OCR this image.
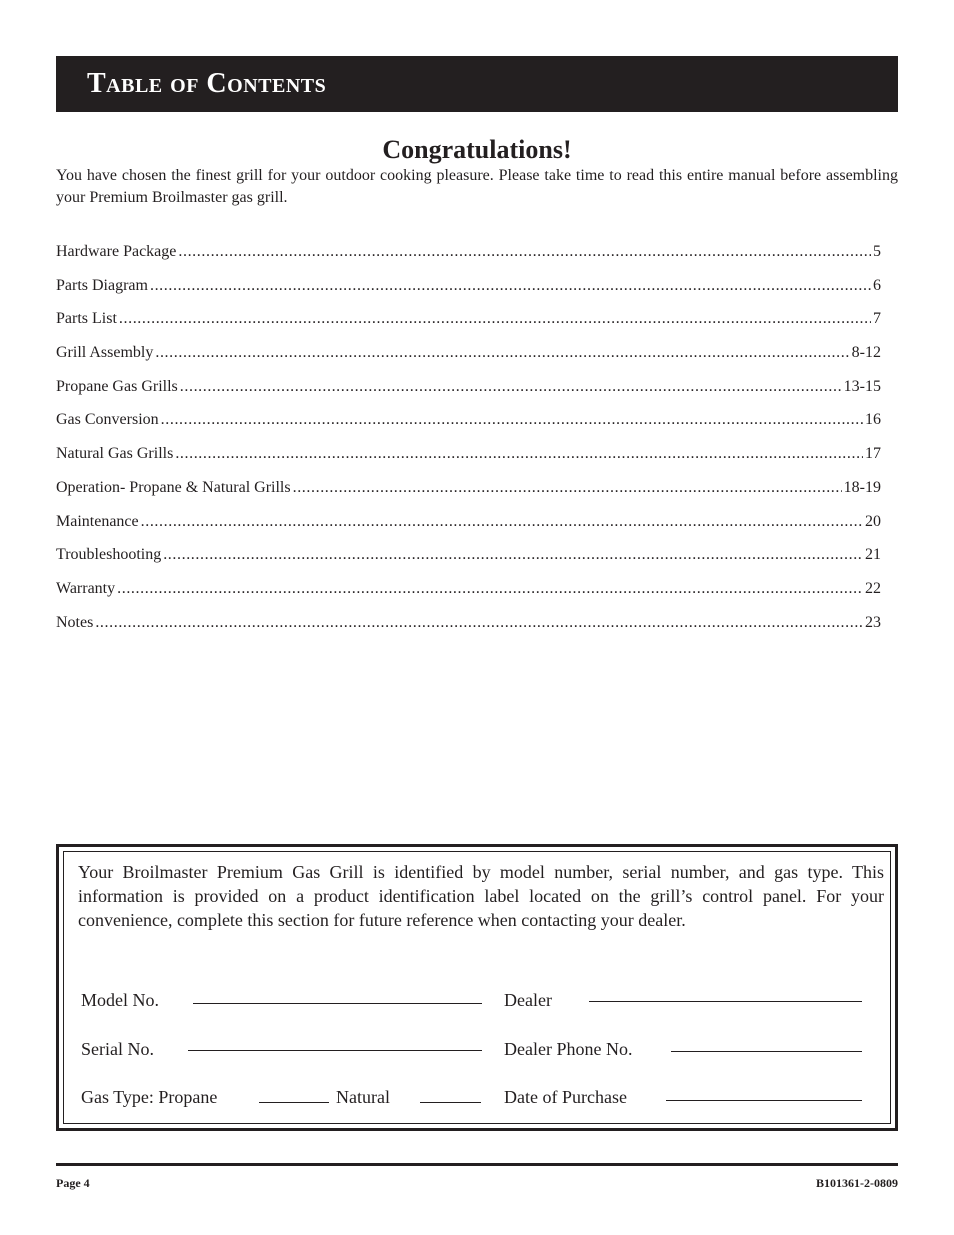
Table of Contents
Congratulations!

You have chosen the finest grill for your outdoor cooking pleasure. Please take time to read this entire manual before assembling your Premium Broilmaster gas grill.

Hardware Package .....	5
Parts Diagram .....	6
Parts List .....	7
Grill Assembly .....	8-12
Propane Gas Grills .....	13-15
Gas Conversion .....	16
Natural Gas Grills .....	17
Operation- Propane & Natural Grills .....	18-19
Maintenance .....	20
Troubleshooting .....	21
Warranty .....	22
Notes .....	23

Your Broilmaster Premium Gas Grill is identified by model number, serial number, and gas type. This information is provided on a product identification label located on the grill’s control panel. For your convenience, complete this section for future reference when contacting your dealer.

Model No.
Serial No.
Gas Type: Propane	Natural
Dealer
Dealer Phone No.
Date of Purchase
Page 4	B101361-2-0809
